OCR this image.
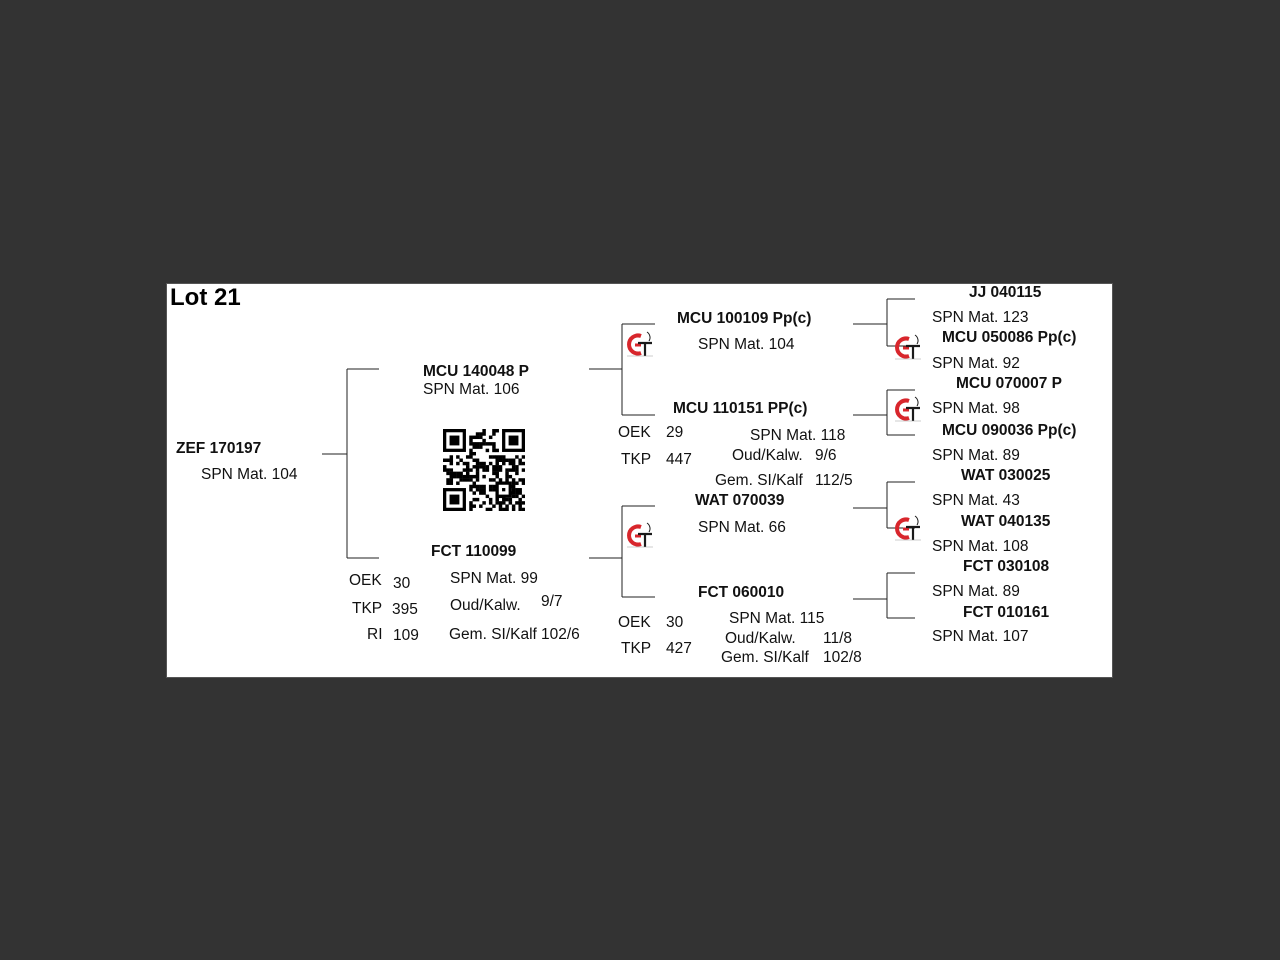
Lot 21
ZEF 170197
SPN Mat. 104
MCU 140048 P
SPN Mat. 106
FCT 110099
OEK 30
TKP 395
RI 109
SPN Mat. 99
Oud/Kalw. 9/7
Gem. SI/Kalf 102/6
MCU 100109 Pp(c)
SPN Mat. 104
MCU 110151 PP(c)
OEK 29
TKP 447
SPN Mat. 118
Oud/Kalw. 9/6
Gem. SI/Kalf 112/5
WAT 070039
SPN Mat. 66
FCT 060010
OEK 30
TKP 427
SPN Mat. 115
Oud/Kalw. 11/8
Gem. SI/Kalf 102/8
JJ 040115
SPN Mat. 123
MCU 050086 Pp(c)
SPN Mat. 92
MCU 070007 P
SPN Mat. 98
MCU 090036 Pp(c)
SPN Mat. 89
WAT 030025
SPN Mat. 43
WAT 040135
SPN Mat. 108
FCT 030108
SPN Mat. 89
FCT 010161
SPN Mat. 107
